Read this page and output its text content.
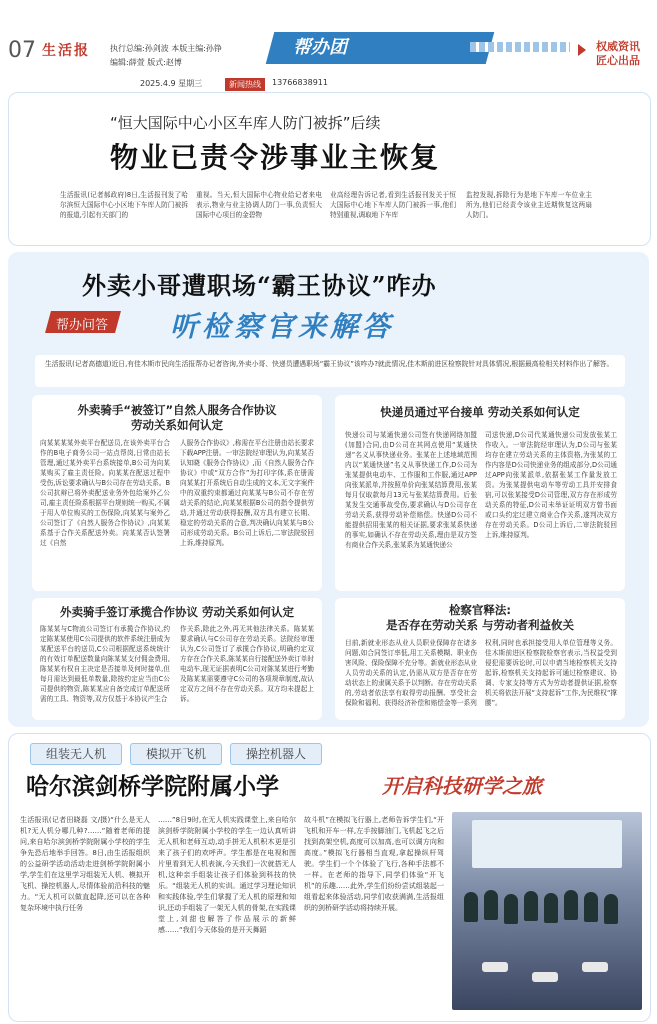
07 生活报	执行总编:孙剑波 本版主编:孙铮
编辑:薛萱 版式:赵博
帮办团	权威资讯
匠心出品
2025.4.9 星期三	新闻热线	13766838911
“恒大国际中心小区车库人防门被拆”后续
物业已责令涉事业主恢复
生活报讯(记者郝政府)8日,生活报刊发了哈尔滨恒大国际中心小区地下车库人防门被拆的报道,引起有关部门的
重视。当天,恒大国际中心物业给记者来电表示,物业与业主协调人防门一事,负责恒大国际中心项目的金碧物
业高经理告诉记者,看到生活报刊发关于恒大国际中心地下车库人防门被拆一事,他们特别重视,调取地下车库
监控发现,拆除行为是地下车库一车位业主所为,他们已经责令该业主近期恢复这两扇人防门。
外卖小哥遭职场“霸王协议”咋办
帮办问答 听检察官来解答
生活报讯(记者高德道)近日,有佳木斯市民向生活报帮办记者咨询,外卖小哥、快递员遭遇职场“霸王协议”该咋办?就此情况,佳木斯前进区检察院针对具体情况,根据最高检相关材料作出了解答。
外卖骑手“被签订”自然人服务合作协议
劳动关系如何认定
向某某某某外卖平台配送员,在该外卖平台合作的B电子商务公司一站点帮岗,日常由站长管理,通过某外卖平台系统接单,B公司为向某某购买了雇主责任险。向某某在配送过程中受伤,诉讼要求确认与B公司存在劳动关系。B公司抗辩已将外卖配送业务外包给案外乙公司,雇主责任险系根据平台规则统一购买,不属于用人单位购买的工伤保险,向某某与案外乙公司签订了《自然人服务合作协议》,向某某系基于合作关系配送外卖。向某某否认签署过《自然
人服务合作协议》,称需在平台注册由站长要求下载APP注册。一审法院经审理认为,向某某否认知晓《服务合作协议》,而《自然人服务合作协议》中或“双方合作”为打印字体,系在册需向某某打开系统后自动生成的文本,无文字案件中的双重约束都通过向某某与B公司不存在劳动关系的结论,向某某根据B公司的指令提供劳动,并通过劳动获得报酬,双方具有建立长期、稳定的劳动关系的合意,判决确认向某某与B公司形成劳动关系。B公司上诉后,二审法院驳回上诉,维持原判。
快递员通过平台接单 劳动关系如何认定
快递公司与某通快递公司签有快递网络加盟(加盟)合同,由D公司在其网点使用“某通快递”名义从事快递业务。张某在上述地域范围内以“某通快递”名义从事快递工作,D公司为张某提供电动车、工作服和工作服,通过APP向张某派单,并按照单价向张某结算费用,张某每月仅取款每月13元与张某结算费用。后张某发生交通事故受伤,要求确认与D公司存在劳动关系,获得劳动补偿赔偿。快递D公司不能提供招用张某的相关证据,要求张某系快递的事实,如确认不存在劳动关系,理由是双方签有商业合作关系,张某系为某通快递公
司送快递,D公司代某通快递公司发放张某工作收入。一审法院经审理认为,D公司与张某均存在建立劳动关系的主体资格,为张某的工作内容是D公司快递业务的组成部分,D公司通过APP向张某派单,依据张某工作量发放工资。为张某提供电动车等劳动工具并安排食宿,可以张某接受D公司管理,双方存在形成劳动关系的特征,D公司未举证证明双方曾书面或口头约定过建立商业合作关系,遂判决双方存在劳动关系。D公司上诉后,二审法院驳回上诉,维持原判。
外卖骑手签订承揽合作协议 劳动关系如何认定
陈某某与C物流公司签订有承揽合作协议,约定陈某某使用C公司提供的软件系统注册成为某配送平台的送员,C公司根据配送系统统计的有效订单配送数量向陈某某支付佣金费用,陈某某有权自主决定是否接单及何时接单,但每月需达到最低单数量,除按约定应当由C公司提供的物资,陈某某应自备完成订单配送所需的工具、物资等,双方仅基于本协议产生合
作关系,除此之外,再无其他法律关系。陈某某要求确认与C公司存在劳动关系。法院经审理认为,C公司签订了承揽合作协议,明确约定双方存在合作关系,陈某某自行接配送外卖订单时电动车,现无证据表明C公司对陈某某进行考勤及陈某某需要遵守C公司的各项规章制度,故认定双方之间不存在劳动关系。双方均未提起上诉。
检察官释法:
是否存在劳动关系 与劳动者利益攸关
目前,新就业形态从业人员职业保障存在诸多问题,如合同签订率低,用工关系模糊、职业伤害风险、保险保障不充分等。新就业形态从业人员劳动关系的认定,仍需从双方是否存在劳动状态上的隶属关系予以判断。存在劳动关系的,劳动者依法享有取得劳动报酬、享受社会保险和福利、获得经济补偿和赔偿金等一系列
权利,同时也承担接受用人单位管理等义务。佳木斯前进区检察院检察官表示,当权益受到侵犯需要诉讼时,可以申请当地检察机关支持起诉,检察机关支持起诉可通过检察建议、协调、专家支持等方式为劳动者提供证据,检察机关将依法开展“支持起诉”工作,为民维权“撑腰”。
组装无人机	模拟开飞机	操控机器人
哈尔滨剑桥学院附属小学	开启科技研学之旅
生活报讯(记者田晓磊 文/摄)“什么是无人机?无人机分哪几种?……”随着老师的提问,来自哈尔滨剑桥学院附属小学校的学生争先恐后地举手回答。8日,由生活报组织的公益研学活动活动走进剑桥学院附属小学,学生们在这里学习组装无人机、模拟开飞机、操控机器人,尽情体验前沿科技的魅力。“无人机可以做直起降,还可以在各种复杂环境中执行任务
……”8日9时,在无人机实践课堂上,来自哈尔滨剑桥学院附属小学校的学生一边认真听讲无人机和老师互动,动手拼无人机积木更是引来了孩子们的欢呼声。学生都是在电视和图片里看到无人机表演,今天我们一次就搭无人机,这种亲手组装让孩子们体验到科技的快乐。“组装无人机的实训。通过学习理论知识和实践体验,学生们掌握了无人机的原理和知识,还动手组装了一架无人机的骨架,在实践课堂上,刘甜也解答了作品展示的新鲜感……“我们今天体验的是开天舞蹈
故斗机”在模拟飞行器上,老师告诉学生们,“开飞机和开车一样,左手按脚油门,飞机起飞之后找到高架空机,高度可以加高,也可以调方向和高度。”模拟飞行器相当直观,拿起操纵杆驾驶。学生们一个个体验了飞行,各种手法都不一样。在老师的指导下,同学们体验“开飞机”的乐趣……此外,学生们纷纷尝试组装起一组看起来体验活动,同学们收获满满,生活报组织的剑桥研学活动将持续开展。
